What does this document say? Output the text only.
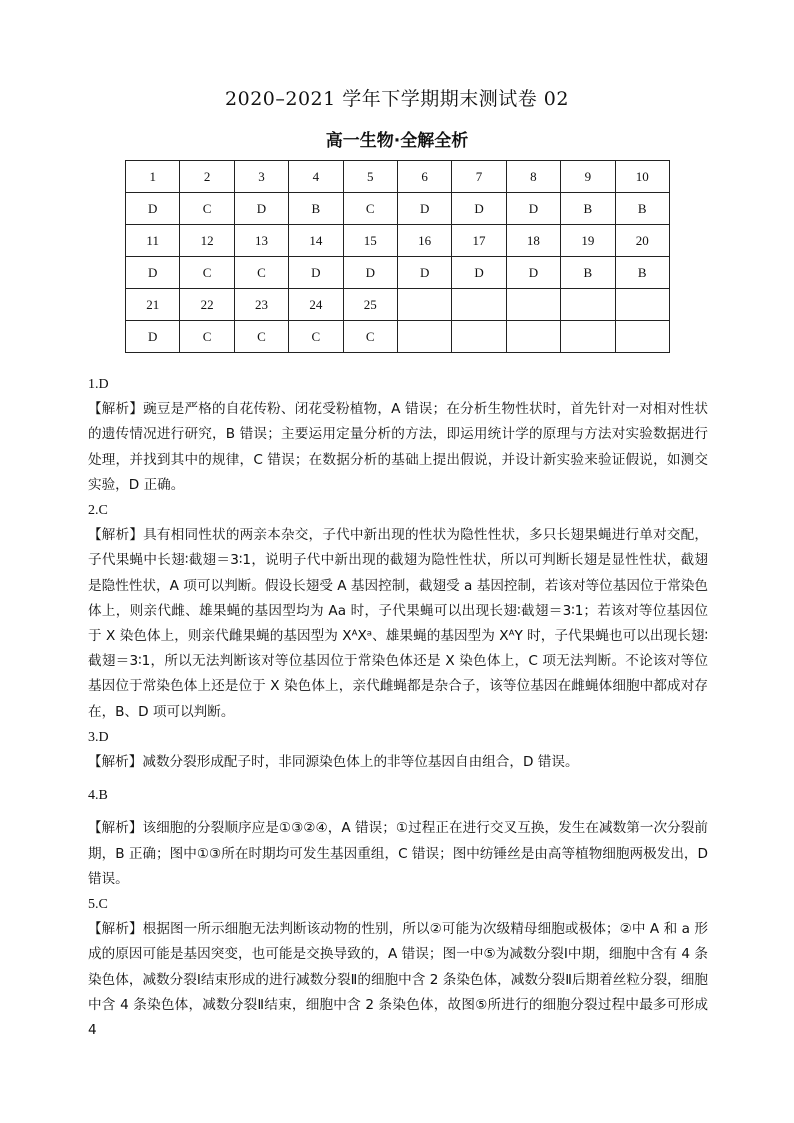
2020–2021 学年下学期期末测试卷 02
高一生物·全解全析
1	2	3	4	5	6	7	8	9	10
D	C	D	B	C	D	D	D	B	B
11	12	13	14	15	16	17	18	19	20
D	C	C	D	D	D	D	D	B	B
21	22	23	24	25					
D	C	C	C	C					

1.D

【解析】豌豆是严格的自花传粉、闭花受粉植物，A 错误；在分析生物性状时，首先针对一对相对性状的遗传情况进行研究，B 错误；主要运用定量分析的方法，即运用统计学的原理与方法对实验数据进行处理，并找到其中的规律，C 错误；在数据分析的基础上提出假说，并设计新实验来验证假说，如测交实验，D 正确。

2.C

【解析】具有相同性状的两亲本杂交，子代中新出现的性状为隐性性状，多只长翅果蝇进行单对交配，子代果蝇中长翅∶截翅＝3∶1，说明子代中新出现的截翅为隐性性状，所以可判断长翅是显性性状，截翅是隐性性状，A 项可以判断。假设长翅受 A 基因控制，截翅受 a 基因控制，若该对等位基因位于常染色体上，则亲代雌、雄果蝇的基因型均为 Aa 时，子代果蝇可以出现长翅∶截翅＝3∶1；若该对等位基因位于 X 染色体上，则亲代雌果蝇的基因型为 XᴬXᵃ、雄果蝇的基因型为 XᴬY 时，子代果蝇也可以出现长翅∶截翅＝3∶1，所以无法判断该对等位基因位于常染色体还是 X 染色体上，C 项无法判断。不论该对等位基因位于常染色体上还是位于 X 染色体上，亲代雌蝇都是杂合子，该等位基因在雌蝇体细胞中都成对存在，B、D 项可以判断。

3.D

【解析】减数分裂形成配子时，非同源染色体上的非等位基因自由组合，D 错误。

4.B

【解析】该细胞的分裂顺序应是①③②④，A 错误；①过程正在进行交叉互换，发生在减数第一次分裂前期，B 正确；图中①③所在时期均可发生基因重组，C 错误；图中纺锤丝是由高等植物细胞两极发出，D 错误。

5.C

【解析】根据图一所示细胞无法判断该动物的性别，所以②可能为次级精母细胞或极体；②中 A 和 a 形成的原因可能是基因突变，也可能是交换导致的，A 错误；图一中⑤为减数分裂Ⅰ中期，细胞中含有 4 条染色体，减数分裂Ⅰ结束形成的进行减数分裂Ⅱ的细胞中含 2 条染色体，减数分裂Ⅱ后期着丝粒分裂，细胞中含 4 条染色体，减数分裂Ⅱ结束，细胞中含 2 条染色体，故图⑤所进行的细胞分裂过程中最多可形成 4
